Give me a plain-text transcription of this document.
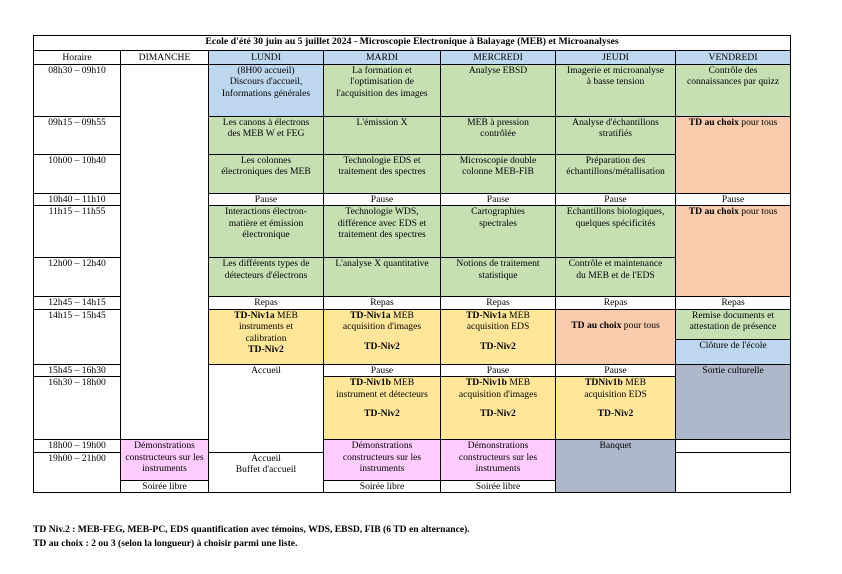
Ecole d'été 30 juin au 5 juillet 2024 - Microscopie Electronique à Balayage (MEB) et Microanalyses							
Horaire	DIMANCHE	LUNDI	MARDI	MERCREDI	JEUDI	VENDREDI	
08h30 – 09h10		(8H00 accueil)
Discours d'accueil,
Informations générales	La formation et
l'optimisation de
l'acquisition des images	Analyse EBSD	Imagerie et microanalyse
à basse tension	Contrôle des
connaissances par quizz	

09h15 – 09h55		Les canons à électrons
des MEB W et FEG	L'émission X	MEB à pression
contrôlée	Analyse d'échantillons
stratifiés	TD au choix pour tous	
10h00 – 10h40		Les colonnes
électroniques des MEB	Technologie EDS et
traitement des spectres	Microscopie double
colonne MEB-FIB	Préparation des
échantillons/métallisation		

10h40 – 11h10		Pause	Pause	Pause	Pause	Pause	
11h15 – 11h55		Interactions électron-
matière et émission
électronique	Technologie WDS,
différence avec EDS et
traitement des spectres	Cartographies
spectrales	Echantillons biologiques,
quelques spécificités	TD au choix pour tous	
12h00 – 12h40		Les différents types de
détecteurs d'électrons	L'analyse X quantitative	Notions de traitement
statistique	Contrôle et maintenance
du MEB et de l'EDS		

12h45 – 14h15		Repas	Repas	Repas	Repas	Repas	
14h15 – 15h45		TD-Niv1a MEB
instruments et
calibration
TD-Niv2	TD-Niv1a MEB
acquisition d'images
TD-Niv2	TD-Niv1a MEB
acquisition EDS
TD-Niv2	TD au choix pour tous	Remise documents et
attestation de présence	

						Clôture de l'école	
15h45 – 16h30		Accueil	Pause	Pause	Pause	Sortie culturelle	
16h30 – 18h00			TD-Niv1b MEB
instrument et détecteurs
TD-Niv2	TD-Niv1b MEB
acquisition d'images
TD-Niv2	TDNiv1b MEB
acquisition EDS
TD-Niv2		

18h00 – 19h00	Démonstrations
constructeurs sur les
instruments		Démonstrations
constructeurs sur les
instruments	Démonstrations
constructeurs sur les
instruments	Banquet		
19h00 – 21h00		Accueil
Buffet d'accueil					

	Soirée libre		Soirée libre	Soirée libre			
TD Niv.2 : MEB-FEG, MEB-PC, EDS quantification avec témoins, WDS, EBSD, FIB (6 TD en alternance).
TD au choix : 2 ou 3 (selon la longueur) à choisir parmi une liste.
